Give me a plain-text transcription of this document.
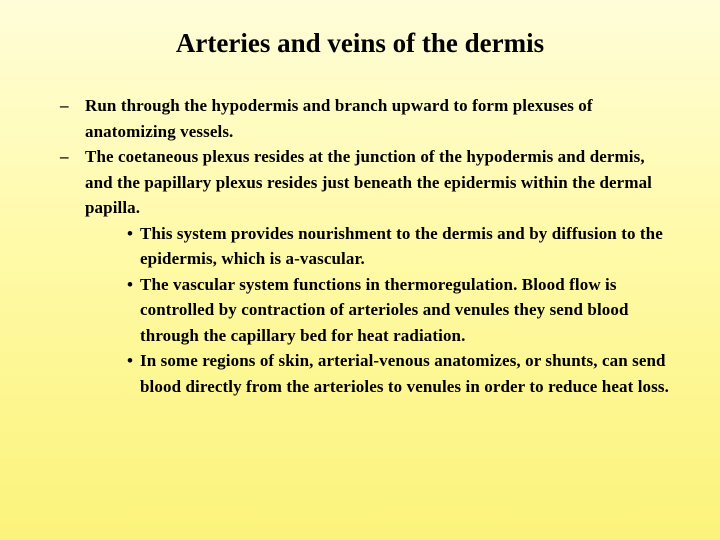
Arteries and veins of the dermis
– Run through the hypodermis and branch upward to form plexuses of anatomizing vessels.
– The coetaneous plexus resides at the junction of the hypodermis and dermis, and the papillary plexus resides just beneath the epidermis within the dermal papilla.
• This system provides nourishment to the dermis and by diffusion to the epidermis, which is a-vascular.
• The vascular system functions in thermoregulation. Blood flow is controlled by contraction of arterioles and venules they send blood through the capillary bed for heat radiation.
• In some regions of skin, arterial-venous anatomizes, or shunts, can send blood directly from the arterioles to venules in order to reduce heat loss.
